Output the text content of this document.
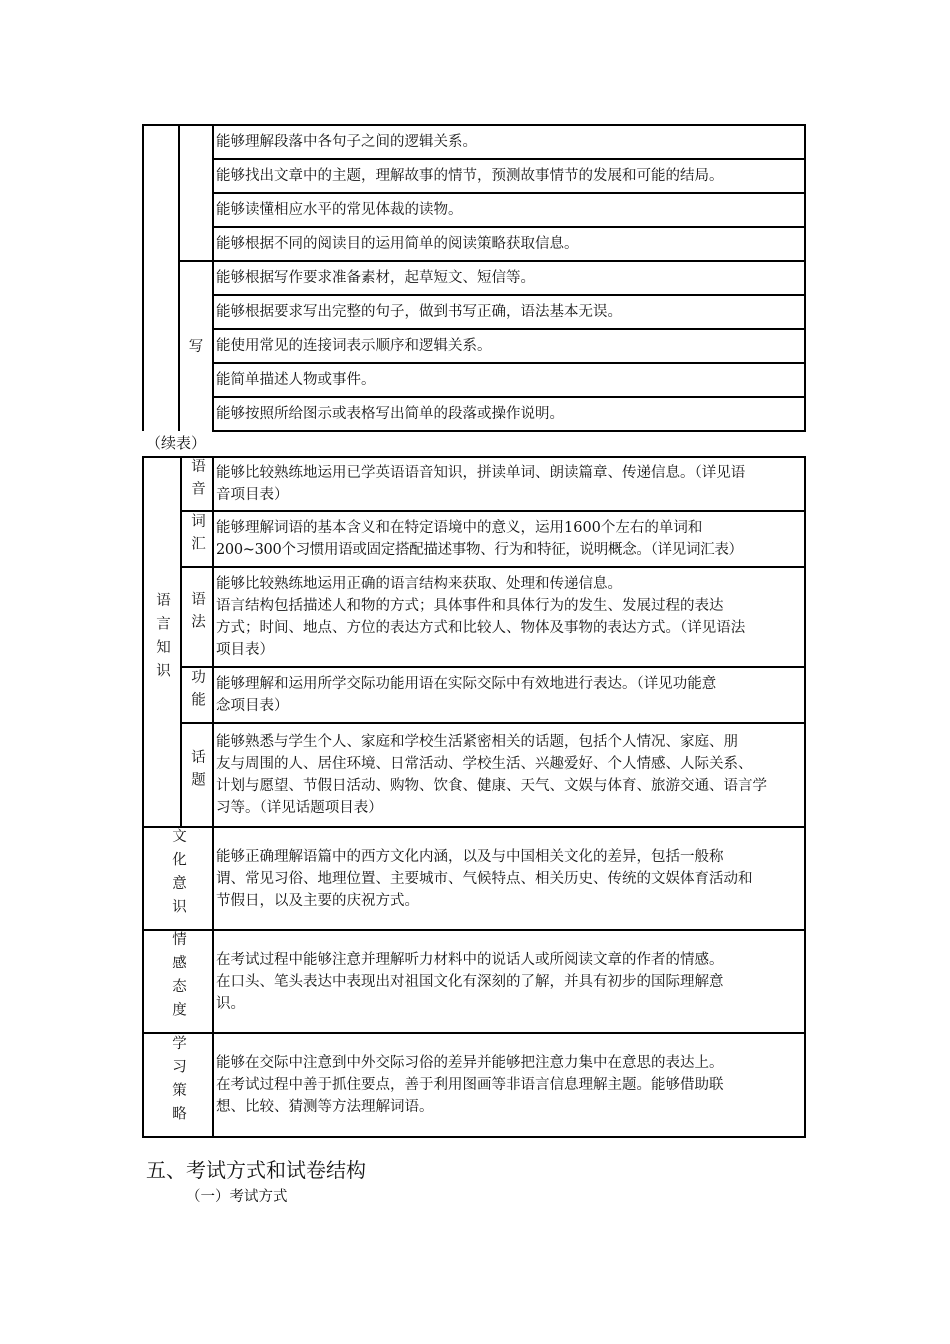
		能够理解段落中各句子之间的逻辑关系。
		能够找出文章中的主题，理解故事的情节，预测故事情节的发展和可能的结局。
		能够读懂相应水平的常见体裁的读物。
		能够根据不同的阅读目的运用简单的阅读策略获取信息。
	写	能够根据写作要求准备素材，起草短文、短信等。
		能够根据要求写出完整的句子，做到书写正确，语法基本无误。
		能使用常见的连接词表示顺序和逻辑关系。
		能简单描述人物或事件。
		能够按照所给图示或表格写出简单的段落或操作说明。
（续表）
语言知识	语音	能够比较熟练地运用已学英语语音知识，拼读单词、朗读篇章、传递信息。（详见语
音项目表）

	词汇	能够理解词语的基本含义和在特定语境中的意义，运用1600个左右的单词和
200~300个习惯用语或固定搭配描述事物、行为和特征，说明概念。（详见词汇表）

	语法	能够比较熟练地运用正确的语言结构来获取、处理和传递信息。
语言结构包括描述人和物的方式；具体事件和具体行为的发生、发展过程的表达
方式；时间、地点、方位的表达方式和比较人、物体及事物的表达方式。（详见语法
项目表）

	功能	能够理解和运用所学交际功能用语在实际交际中有效地进行表达。（详见功能意
念项目表）

	话题	能够熟悉与学生个人、家庭和学校生活紧密相关的话题，包括个人情况、家庭、朋
友与周围的人、居住环境、日常活动、学校生活、兴趣爱好、个人情感、人际关系、
计划与愿望、节假日活动、购物、饮食、健康、天气、文娱与体育、旅游交通、语言学
习等。（详见话题项目表）

文化意识		能够正确理解语篇中的西方文化内涵，以及与中国相关文化的差异，包括一般称
谓、常见习俗、地理位置、主要城市、气候特点、相关历史、传统的文娱体育活动和
节假日，以及主要的庆祝方式。

情感态度		在考试过程中能够注意并理解听力材料中的说话人或所阅读文章的作者的情感。
在口头、笔头表达中表现出对祖国文化有深刻的了解，并具有初步的国际理解意
识。

学习策略		能够在交际中注意到中外交际习俗的差异并能够把注意力集中在意思的表达上。
在考试过程中善于抓住要点，善于利用图画等非语言信息理解主题。能够借助联
想、比较、猜测等方法理解词语。
五、考试方式和试卷结构
（一）考试方式
